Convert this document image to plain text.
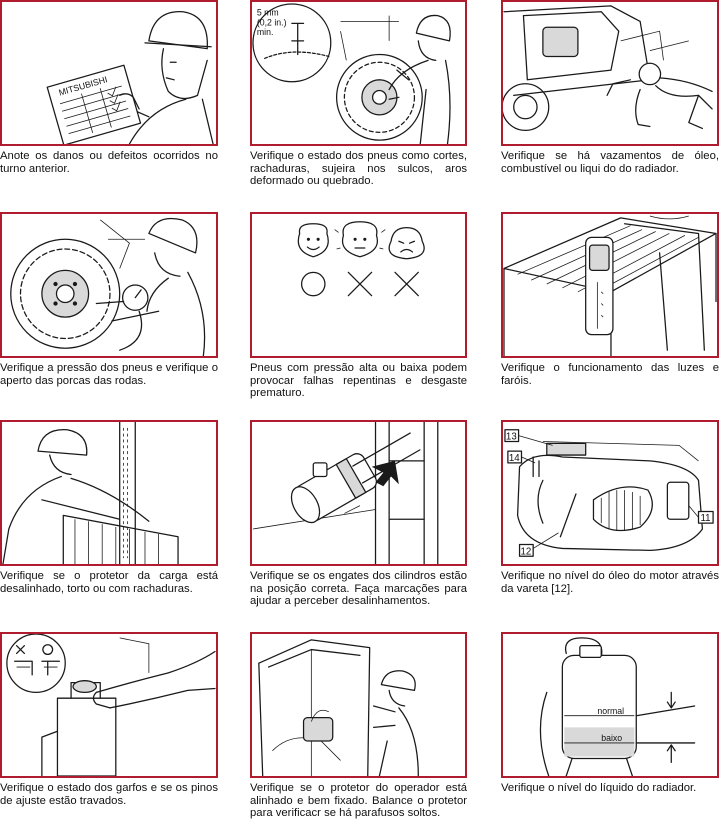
MITSUBISHI

Anote os danos ou defeitos ocorridos no turno anterior.

5 mm
(0,2 in.)
min.

Verifique o estado dos pneus como cortes, rachaduras, sujeira nos sulcos, aros deformado ou quebrado.

Verifique se há vazamentos de óleo, combustível ou liqui do do radiador.

Verifique a pressão dos pneus e verifique o aperto das porcas das rodas.

Pneus com pressão alta ou baixa podem provocar falhas repentinas e desgaste prematuro.

Verifique o funcionamento das luzes e faróis.

Verifique se o protetor da carga está desalinhado, torto ou com rachaduras.

Verifique se os engates dos cilindros estão na posição correta. Faça marcações para ajudar a perceber desalinhamentos.

13
14
11
12

Verifique no nível do óleo do motor através da vareta [12].

Verifique o estado dos garfos e se os pinos de ajuste estão travados.

Verifique se o protetor do operador está alinhado e bem fixado. Balance o protetor para verificacr se há parafusos soltos.

normal
baixo

Verifique o nível do líquido do radiador.
